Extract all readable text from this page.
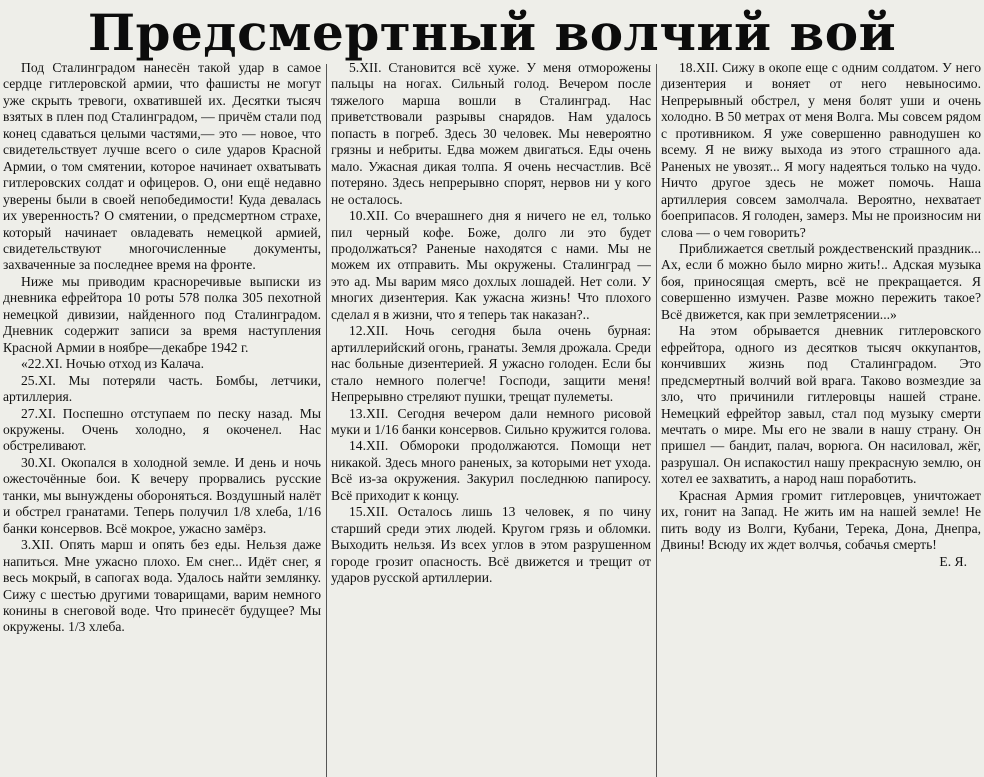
Предсмертный волчий вой

Под Сталинградом нанесён такой удар в самое сердце гитлеровской армии, что фашисты не могут уже скрыть тревоги, охватившей их. Десятки тысяч взятых в плен под Сталинградом, — причём стали под конец сдаваться целыми частями,— это — новое, что свидетельствует лучше всего о силе ударов Красной Армии, о том смятении, которое начинает охватывать гитлеровских солдат и офицеров. О, они ещё недавно уверены были в своей непобедимости! Куда девалась их уверенность? О смятении, о предсмертном страхе, который начинает овладевать немецкой армией, свидетельствуют многочисленные документы, захваченные за последнее время на фронте.

Ниже мы приводим красноречивые выписки из дневника ефрейтора 10 роты 578 полка 305 пехотной немецкой дивизии, найденного под Сталинградом. Дневник содержит записи за время наступления Красной Армии в ноябре—декабре 1942 г.

«22.XI. Ночью отход из Калача.

25.XI. Мы потеряли часть. Бомбы, летчики, артиллерия.

27.XI. Поспешно отступаем по песку назад. Мы окружены. Очень холодно, я окоченел. Нас обстреливают.

30.XI. Окопался в холодной земле. И день и ночь ожесточённые бои. К вечеру прорвались русские танки, мы вынуждены обороняться. Воздушный налёт и обстрел гранатами. Теперь получил 1/8 хлеба, 1/16 банки консервов. Всё мокрое, ужасно замёрз.

3.XII. Опять марш и опять без еды. Нельзя даже напиться. Мне ужасно плохо. Ем снег... Идёт снег, я весь мокрый, в сапогах вода. Удалось найти землянку. Сижу с шестью другими товарищами, варим немного конины в снеговой воде. Что принесёт будущее? Мы окружены. 1/3 хлеба.

5.XII. Становится всё хуже. У меня отморожены пальцы на ногах. Сильный голод. Вечером после тяжелого марша вошли в Сталинград. Нас приветствовали разрывы снарядов. Нам удалось попасть в погреб. Здесь 30 человек. Мы невероятно грязны и небриты. Едва можем двигаться. Еды очень мало. Ужасная дикая толпа. Я очень несчастлив. Всё потеряно. Здесь непрерывно спорят, нервов ни у кого не осталось.

10.XII. Со вчерашнего дня я ничего не ел, только пил черный кофе. Боже, долго ли это будет продолжаться? Раненые находятся с нами. Мы не можем их отправить. Мы окружены. Сталинград — это ад. Мы варим мясо дохлых лошадей. Нет соли. У многих дизентерия. Как ужасна жизнь! Что плохого сделал я в жизни, что я теперь так наказан?..

12.XII. Ночь сегодня была очень бурная: артиллерийский огонь, гранаты. Земля дрожала. Среди нас больные дизентерией. Я ужасно голоден. Если бы стало немного полегче! Господи, защити меня! Непрерывно стреляют пушки, трещат пулеметы.

13.XII. Сегодня вечером дали немного рисовой муки и 1/16 банки консервов. Сильно кружится голова.

14.XII. Обмороки продолжаются. Помощи нет никакой. Здесь много раненых, за которыми нет ухода. Всё из-за окружения. Закурил последнюю папиросу. Всё приходит к концу.

15.XII. Осталось лишь 13 человек, я по чину старший среди этих людей. Кругом грязь и обломки. Выходить нельзя. Из всех углов в этом разрушенном городе грозит опасность. Всё движется и трещит от ударов русской артиллерии.

18.XII. Сижу в окопе еще с одним солдатом. У него дизентерия и воняет от него невыносимо. Непрерывный обстрел, у меня болят уши и очень холодно. В 50 метрах от меня Волга. Мы совсем рядом с противником. Я уже совершенно равнодушен ко всему. Я не вижу выхода из этого страшного ада. Раненых не увозят... Я могу надеяться только на чудо. Ничто другое здесь не может помочь. Наша артиллерия совсем замолчала. Вероятно, нехватает боеприпасов. Я голоден, замерз. Мы не произносим ни слова — о чем говорить?

Приближается светлый рождественский праздник... Ах, если б можно было мирно жить!.. Адская музыка боя, приносящая смерть, всё не прекращается. Я совершенно измучен. Разве можно пережить такое? Всё движется, как при землетрясении...»

На этом обрывается дневник гитлеровского ефрейтора, одного из десятков тысяч оккупантов, кончивших жизнь под Сталинградом. Это предсмертный волчий вой врага. Таково возмездие за зло, что причинили гитлеровцы нашей стране. Немецкий ефрейтор завыл, стал под музыку смерти мечтать о мире. Мы его не звали в нашу страну. Он пришел — бандит, палач, ворюга. Он насиловал, жёг, разрушал. Он испакостил нашу прекрасную землю, он хотел ее захватить, а народ наш поработить.

Красная Армия громит гитлеровцев, уничтожает их, гонит на Запад. Не жить им на нашей земле! Не пить воду из Волги, Кубани, Терека, Дона, Днепра, Двины! Всюду их ждет волчья, собачья смерть!

Е. Я.
